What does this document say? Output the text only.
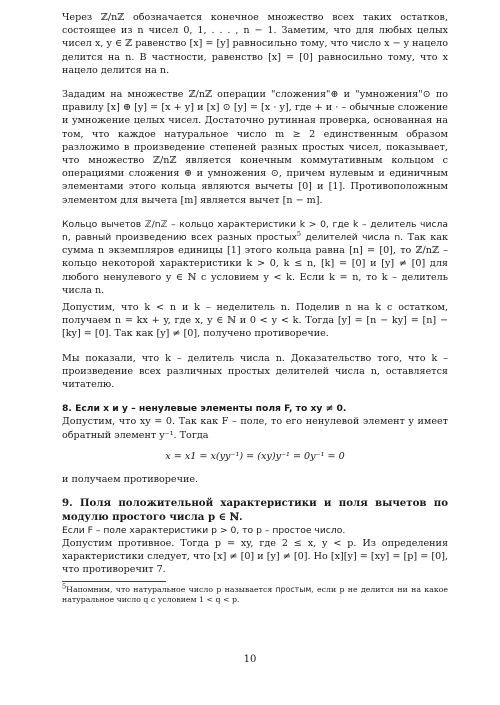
Через ℤ/nℤ обозначается конечное множество всех таких остатков, состоящее из n чисел 0, 1, . . . , n − 1. Заметим, что для любых целых чисел x, y ∈ ℤ равенство [x] = [y] равносильно тому, что число x − y нацело делится на n. В частности, равенство [x] = [0] равносильно тому, что x нацело делится на n.

Зададим на множестве ℤ/nℤ операции "сложения"⊕ и "умножения"⊙ по правилу [x] ⊕ [y] = [x + y] и [x] ⊙ [y] = [x · y], где + и · – обычные сложение и умножение целых чисел. Достаточно рутинная проверка, основанная на том, что каждое натуральное число m ≥ 2 единственным образом разложимо в произведение степеней разных простых чисел, показывает, что множество ℤ/nℤ является конечным коммутативным кольцом с операциями сложения ⊕ и умножения ⊙, причем нулевым и единичным элементами этого кольца являются вычеты [0] и [1]. Противоположным элементом для вычета [m] является вычет [n − m].

Кольцо вычетов ℤ/nℤ – кольцо характеристики k > 0, где k – делитель числа n, равный произведению всех разных простых$^5$ делителей числа n. Так как сумма n экземпляров единицы [1] этого кольца равна [n] = [0], то ℤ/nℤ – кольцо некоторой характеристики k > 0, k ≤ n, [k] = [0] и [y] ≠ [0] для любого ненулевого y ∈ ℕ с условием y < k. Если k = n, то k – делитель числа n.

Допустим, что k < n и k – неделитель n. Поделив n на k с остатком, получаем n = kx + y, где x, y ∈ ℕ и 0 < y < k. Тогда [y] = [n − ky] = [n] − [ky] = [0]. Так как [y] ≠ [0], получено противоречие.

Мы показали, что k – делитель числа n. Доказательство того, что k – произведение всех различных простых делителей числа n, оставляется читателю.

8. Если x и y – ненулевые элементы поля F, то xy ≠ 0.

Допустим, что xy = 0. Так как F – поле, то его ненулевой элемент y имеет обратный элемент y⁻¹. Тогда

x = x1 = x(yy⁻¹) = (xy)y⁻¹ = 0y⁻¹ = 0

и получаем противоречие.

9. Поля положительной характеристики и поля вычетов по модулю простого числа p ∈ ℕ.

Если F – поле характеристики p > 0, то p – простое число.

Допустим противное. Тогда p = xy, где 2 ≤ x, y < p. Из определения характеристики следует, что [x] ≠ [0] и [y] ≠ [0]. Но [x][y] = [xy] = [p] = [0], что противоречит 7.

$^5$Напомним, что натуральное число p называется простым, если p не делится ни на какое натуральное число q с условием 1 < q < p.
10
